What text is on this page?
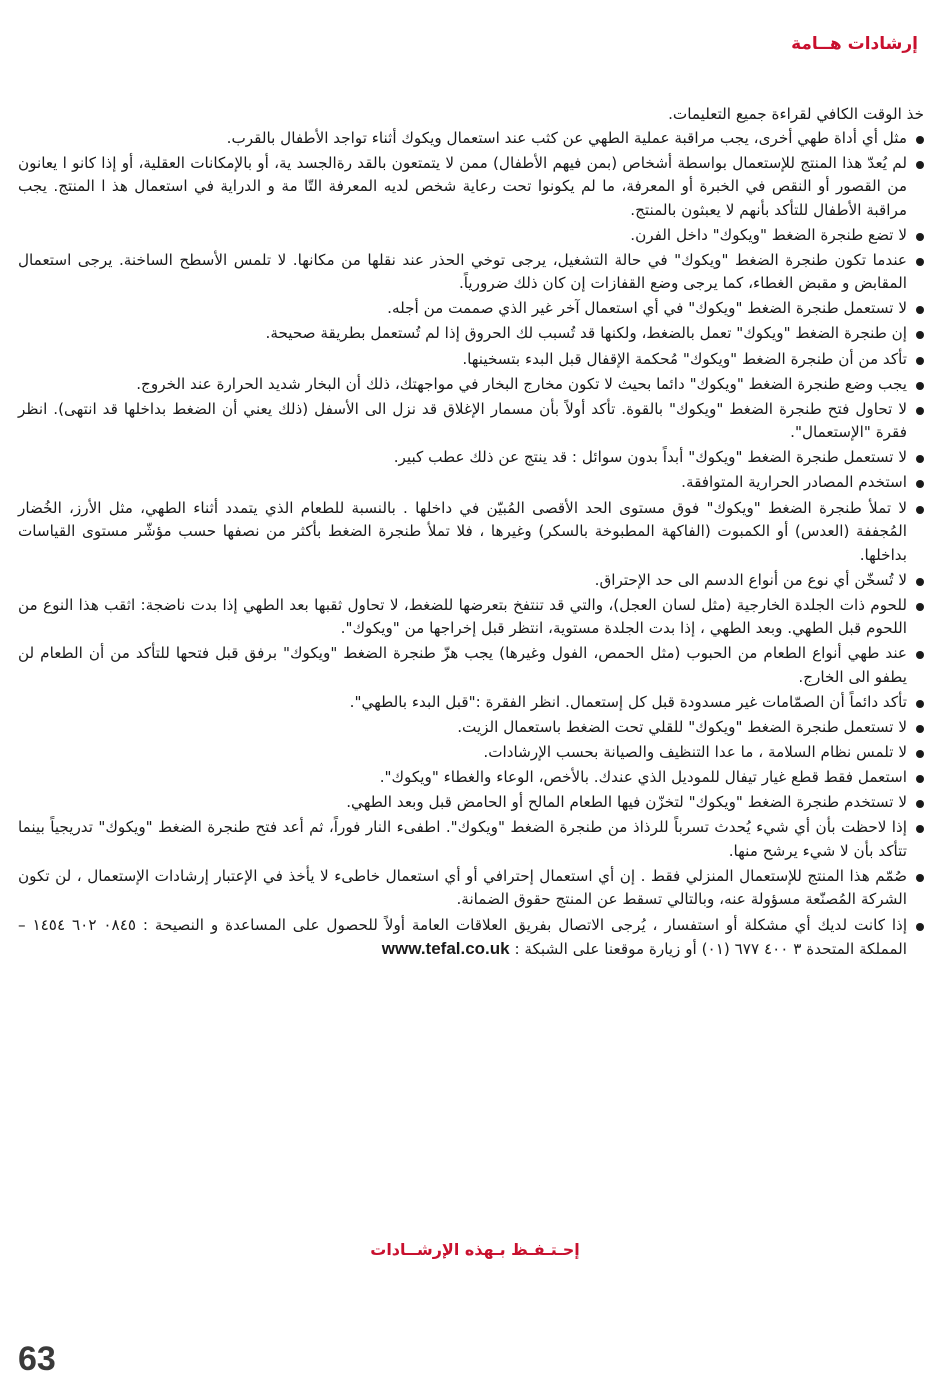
إرشادات هــامة

خذ الوقت الكافي لقراءة جميع التعليمات.

مثل أي أداة طهي أخرى، يجب مراقبة عملية الطهي عن كثب عند استعمال ويكوك أثناء تواجد الأطفال بالقرب.
لم يُعدّ هذا المنتج للإستعمال بواسطة أشخاص (بمن فيهم الأطفال) ممن لا يتمتعون بالقد رةالجسد ية، أو بالإمكانات العقلية، أو إذا كانو ا يعانون من القصور أو النقص في الخبرة أو المعرفة، ما لم يكونوا تحت رعاية شخص لديه المعرفة التّا مة و الدراية في استعمال هذ ا المنتج. يجب مراقبة الأطفال للتأكد بأنهم لا يعبثون بالمنتج.
لا تضع طنجرة الضغط "ويكوك" داخل الفرن.
عندما تكون طنجرة الضغط "ويكوك" في حالة التشغيل، يرجى توخي الحذر عند نقلها من مكانها. لا تلمس الأسطح الساخنة. يرجى استعمال المقابض و مقبض الغطاء، كما يرجى وضع القفازات إن كان ذلك ضرورياً.
لا تستعمل طنجرة الضغط "ويكوك" في أي استعمال آخر غير الذي صممت من أجله.
إن طنجرة الضغط "ويكوك" تعمل بالضغط، ولكنها قد تُسبب لك الحروق إذا لم تُستعمل بطريقة صحيحة.
تأكد من أن طنجرة الضغط "ويكوك" مُحكمة الإقفال قبل البدء بتسخينها.
يجب وضع طنجرة الضغط "ويكوك" دائما بحيث لا تكون مخارج البخار في مواجهتك، ذلك أن البخار شديد الحرارة عند الخروج.
لا تحاول فتح طنجرة الضغط "ويكوك" بالقوة. تأكد أولاً بأن مسمار الإغلاق قد نزل الى الأسفل (ذلك يعني أن الضغط بداخلها قد انتهى). انظر فقرة "الإستعمال".
لا تستعمل طنجرة الضغط "ويكوك" أبداً بدون سوائل : قد ينتج عن ذلك عطب كبير.
استخدم المصادر الحرارية المتوافقة.
لا تملأ طنجرة الضغط "ويكوك" فوق مستوى الحد الأقصى المُبيّن في داخلها . بالنسبة للطعام الذي يتمدد أثناء الطهي، مثل الأرز، الخُضار المُجففة (العدس) أو الكمبوت (الفاكهة المطبوخة بالسكر) وغيرها ، فلا تملأ طنجرة الضغط بأكثر من نصفها حسب مؤشّر مستوى القياسات بداخلها.
لا تُسخّن أي نوع من أنواع الدسم الى حد الإحتراق.
للحوم ذات الجلدة الخارجية (مثل لسان العجل)، والتي قد تنتفخ بتعرضها للضغط، لا تحاول ثقبها بعد الطهي إذا بدت ناضجة: اثقب هذا النوع من اللحوم قبل الطهي. وبعد الطهي ، إذا بدت الجلدة مستوية، انتظر قبل إخراجها من "ويكوك".
عند طهي أنواع الطعام من الحبوب (مثل الحمص، الفول وغيرها) يجب هزّ طنجرة الضغط "ويكوك" برفق قبل فتحها للتأكد من أن الطعام لن يطفو الى الخارج.
تأكد دائماً أن الصمّامات غير مسدودة قبل كل إستعمال. انظر الفقرة :"قبل البدء بالطهي".
لا تستعمل طنجرة الضغط "ويكوك" للقلي تحت الضغط باستعمال الزيت.
لا تلمس نظام السلامة ، ما عدا التنظيف والصيانة بحسب الإرشادات.
استعمل فقط قطع غيار تيفال للموديل الذي عندك. بالأخص، الوعاء والغطاء "ويكوك".
لا تستخدم طنجرة الضغط "ويكوك" لتخزّن فيها الطعام المالح أو الحامض قبل وبعد الطهي.
إذا لاحظت بأن أي شيء يُحدث تسرباً للرذاذ من طنجرة الضغط "ويكوك". اطفىء النار فوراً، ثم أعد فتح طنجرة الضغط "ويكوك" تدريجياً بينما تتأكد بأن لا شيء يرشح منها.
صُمّم هذا المنتج للإستعمال المنزلي فقط . إن أي استعمال إحترافي أو أي استعمال خاطىء لا يأخذ في الإعتبار إرشادات الإستعمال ، لن تكون الشركة المُصنّعة مسؤولة عنه، وبالتالي تسقط عن المنتج حقوق الضمانة.
إذا كانت لديك أي مشكلة أو استفسار ، يُرجى الاتصال بفريق العلاقات العامة أولاً للحصول على المساعدة و النصيحة : ٠٨٤٥ ٦٠٢ ١٤٥٤ – المملكة المتحدة ٣ ٤٠٠ ٦٧٧ (٠١) أو زيارة موقعنا على الشبكة : www.tefal.co.uk
إحـتـفـظ بـهذه الإرشــادات
63
